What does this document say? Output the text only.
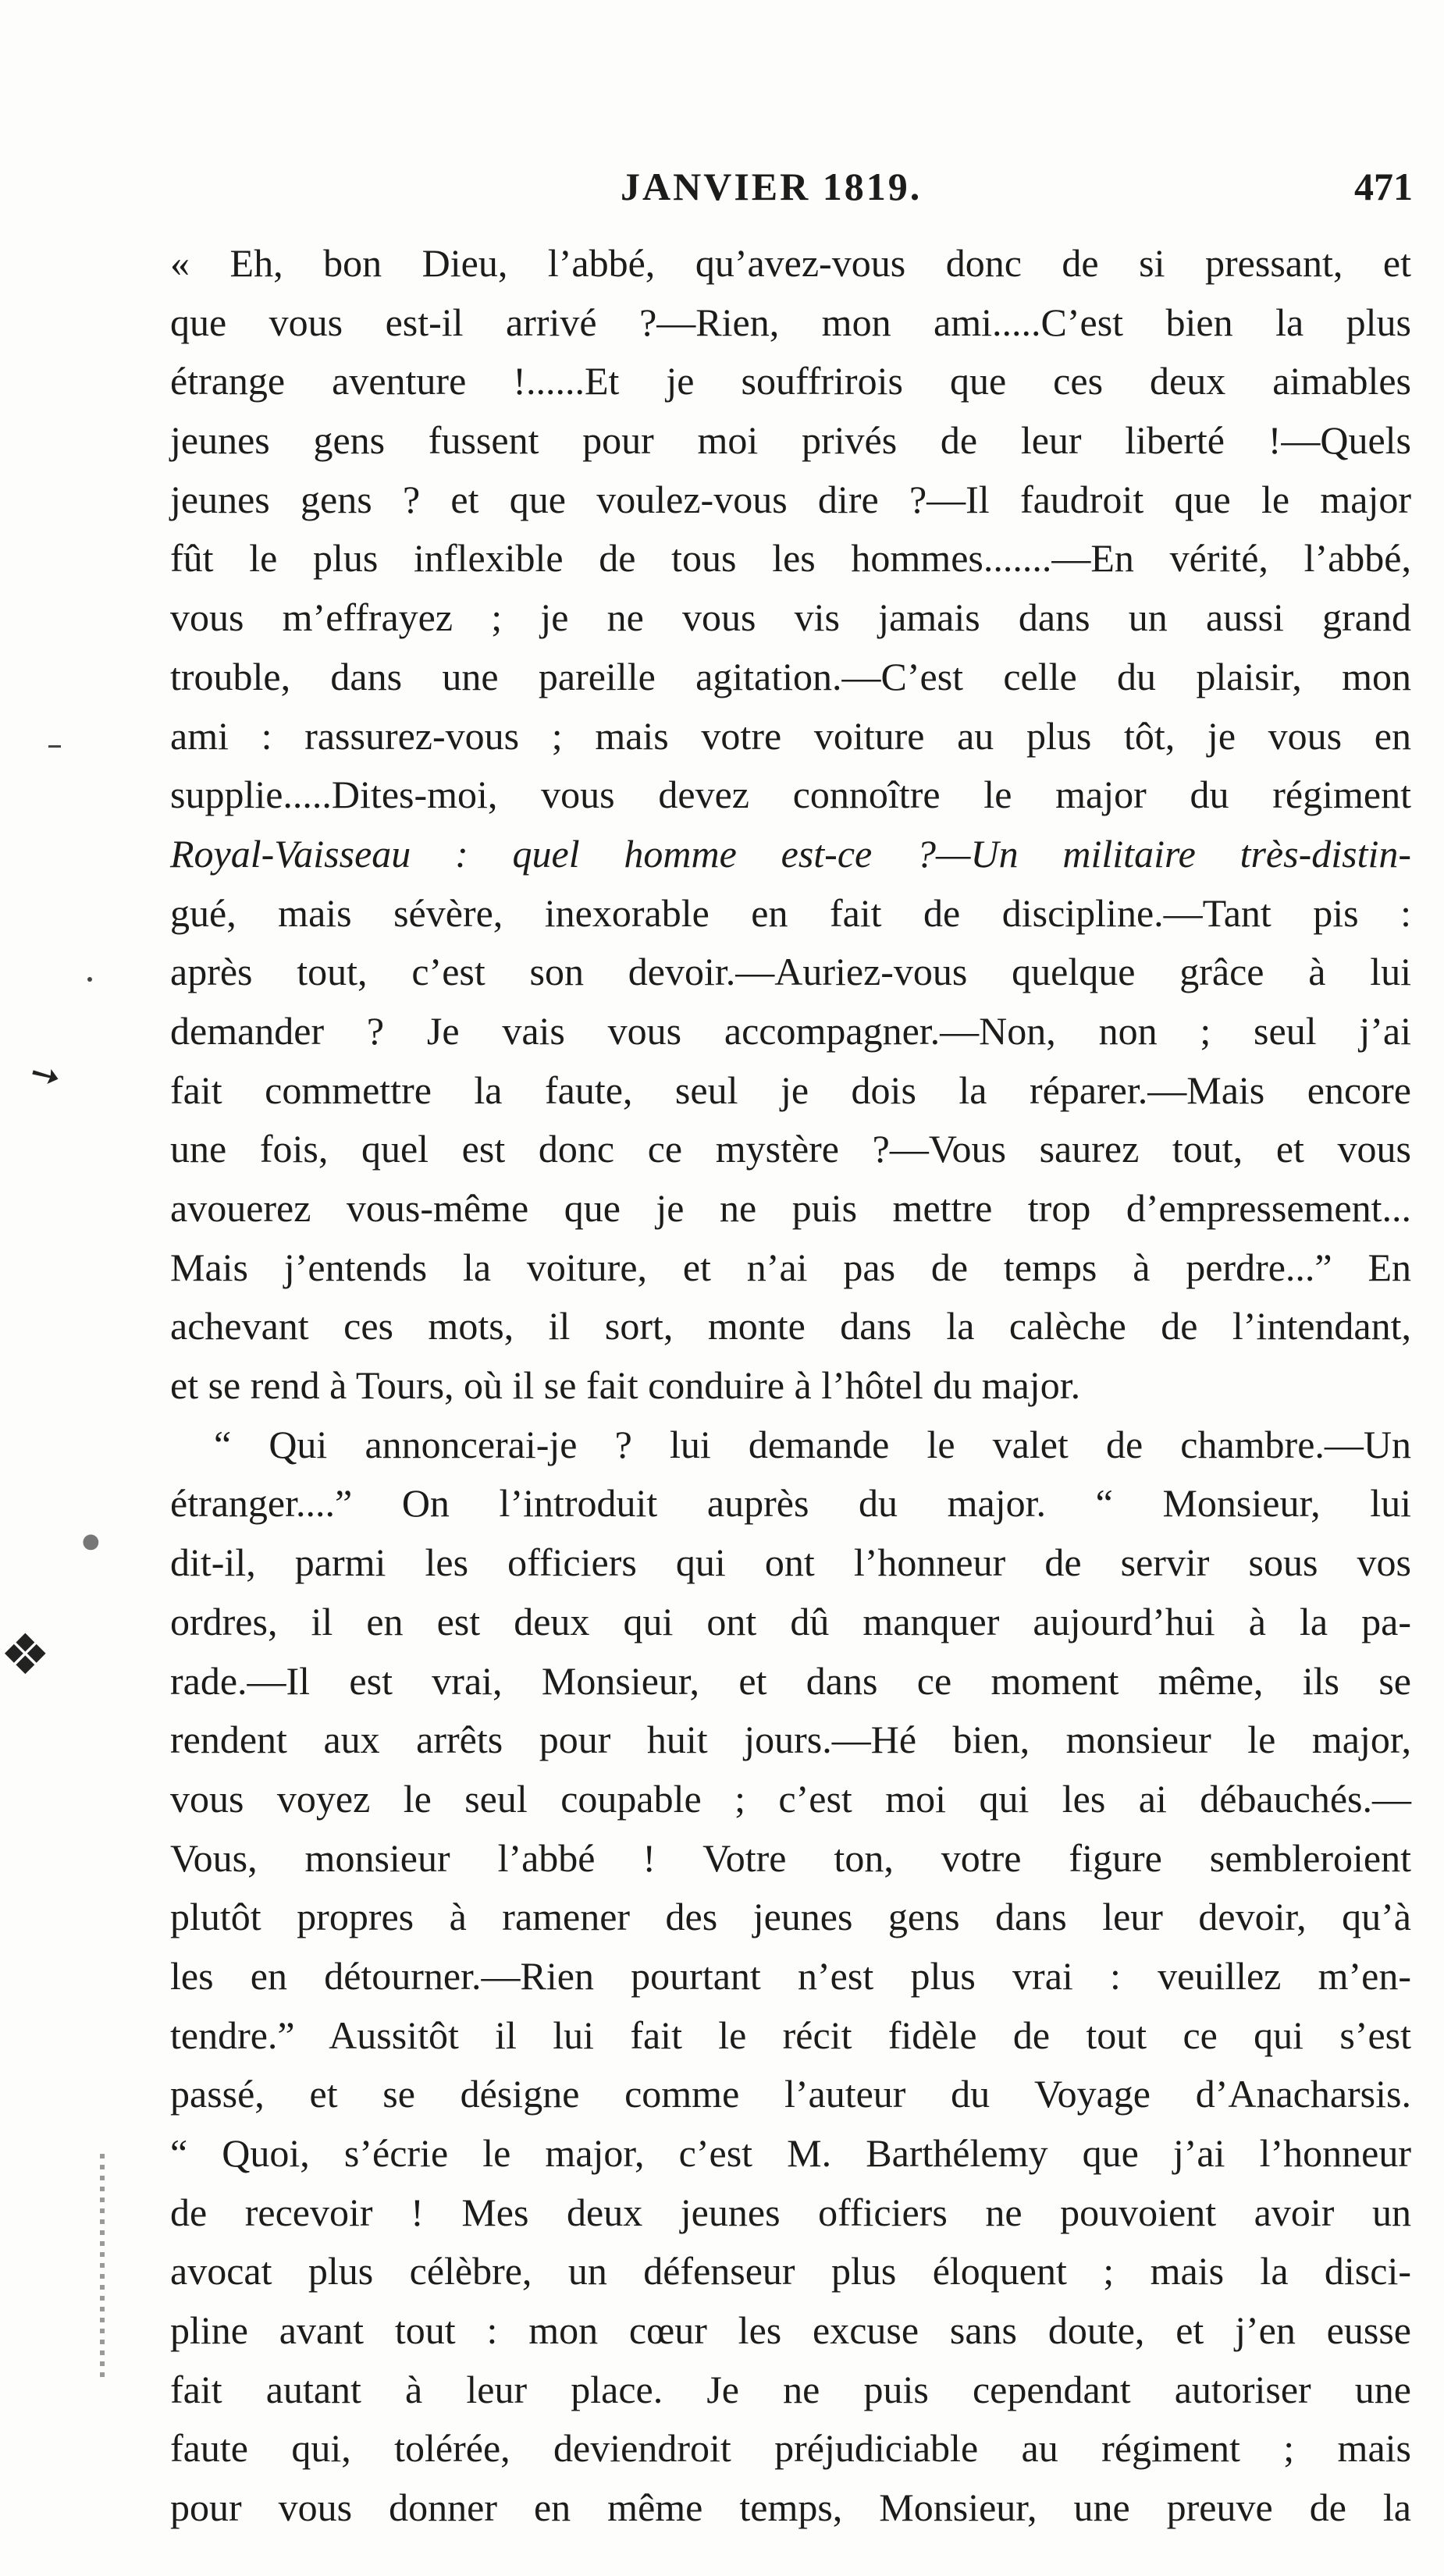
JANVIER 1819.	471
« Eh, bon Dieu, l’abbé, qu’avez-vous donc de si pressant, et
que vous est-il arrivé ?—Rien, mon ami.....C’est bien la plus
étrange aventure !......Et je souffrirois que ces deux aimables
jeunes gens fussent pour moi privés de leur liberté !—Quels
jeunes gens ? et que voulez-vous dire ?—Il faudroit que le major
fût le plus inflexible de tous les hommes.......—En vérité, l’abbé,
vous m’effrayez ; je ne vous vis jamais dans un aussi grand
trouble, dans une pareille agitation.—C’est celle du plaisir, mon
ami : rassurez-vous ; mais votre voiture au plus tôt, je vous en
supplie.....Dites-moi, vous devez connoître le major du régiment
Royal-Vaisseau : quel homme est-ce ?—Un militaire très-distin-
gué, mais sévère, inexorable en fait de discipline.—Tant pis :
après tout, c’est son devoir.—Auriez-vous quelque grâce à lui
demander ? Je vais vous accompagner.—Non, non ; seul j’ai
fait commettre la faute, seul je dois la réparer.—Mais encore
une fois, quel est donc ce mystère ?—Vous saurez tout, et vous
avouerez vous-même que je ne puis mettre trop d’empressement...
Mais j’entends la voiture, et n’ai pas de temps à perdre...” En
achevant ces mots, il sort, monte dans la calèche de l’intendant,
et se rend à Tours, où il se fait conduire à l’hôtel du major.
“ Qui annoncerai-je ? lui demande le valet de chambre.—Un
étranger....” On l’introduit auprès du major. “ Monsieur, lui
dit-il, parmi les officiers qui ont l’honneur de servir sous vos
ordres, il en est deux qui ont dû manquer aujourd’hui à la pa-
rade.—Il est vrai, Monsieur, et dans ce moment même, ils se
rendent aux arrêts pour huit jours.—Hé bien, monsieur le major,
vous voyez le seul coupable ; c’est moi qui les ai débauchés.—
Vous, monsieur l’abbé ! Votre ton, votre figure sembleroient
plutôt propres à ramener des jeunes gens dans leur devoir, qu’à
les en détourner.—Rien pourtant n’est plus vrai : veuillez m’en-
tendre.” Aussitôt il lui fait le récit fidèle de tout ce qui s’est
passé, et se désigne comme l’auteur du Voyage d’Anacharsis.
“ Quoi, s’écrie le major, c’est M. Barthélemy que j’ai l’honneur
de recevoir ! Mes deux jeunes officiers ne pouvoient avoir un
avocat plus célèbre, un défenseur plus éloquent ; mais la disci-
pline avant tout : mon cœur les excuse sans doute, et j’en eusse
fait autant à leur place. Je ne puis cependant autoriser une
faute qui, tolérée, deviendroit préjudiciable au régiment ; mais
pour vous donner en même temps, Monsieur, une preuve de la
➘
●
❖
